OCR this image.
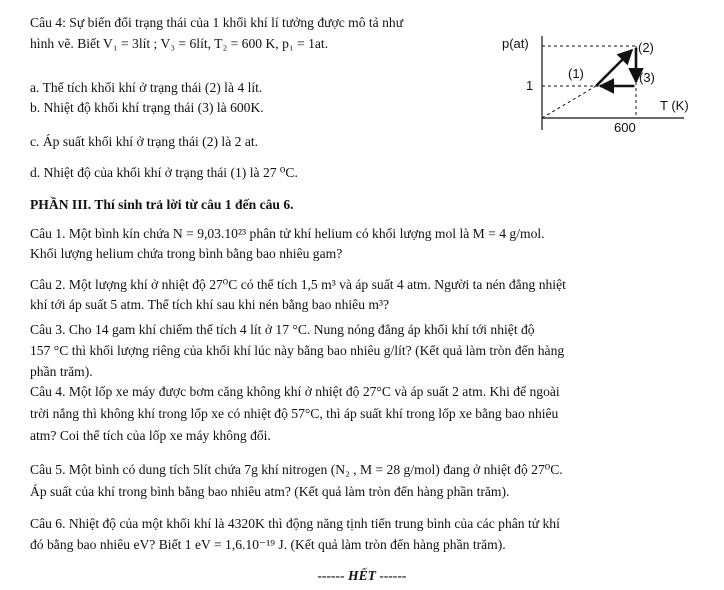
Câu 4: Sự biến đổi trạng thái của 1 khối khí lí tưởng được mô tả như
hình vẽ. Biết V₁ = 3lít ; V₃ = 6lít, T₂ = 600 K, p₁ = 1at.
a. Thể tích khối khí ở trạng thái (2) là 4 lít.
b. Nhiệt độ khối khí trạng thái (3) là 600K.
c. Áp suất khối khí ở trạng thái (2) là 2 at.
d. Nhiệt độ của khối khí ở trạng thái (1) là 27 ⁰C.
p(at)
1
T (K)
600
(1)
(2)
(3)
PHẦN III. Thí sinh trả lời từ câu 1 đến câu 6.
Câu 1. Một bình kín chứa N = 9,03.10²³ phân tử khí helium có khối lượng mol là M = 4 g/mol.
Khối lượng helium chứa trong bình bằng bao nhiêu gam?
Câu 2. Một lượng khí ở nhiệt độ 27⁰C có thể tích 1,5 m³ và áp suất 4 atm. Người ta nén đẳng nhiệt
khí tới áp suất 5 atm. Thể tích khí sau khi nén bằng bao nhiêu m³?
Câu 3. Cho 14 gam khí chiếm thể tích 4 lít ở 17 °C. Nung nóng đẳng áp khối khí tới nhiệt độ
157 °C thì khối lượng riêng của khối khí lúc này bằng bao nhiêu g/lít? (Kết quả làm tròn đến hàng
phần trăm).
Câu 4. Một lốp xe máy được bơm căng không khí ở nhiệt độ 27°C và áp suất 2 atm. Khi để ngoài
trời nắng thì không khí trong lốp xe có nhiệt độ 57°C, thì áp suất khí trong lốp xe bằng bao nhiêu
atm? Coi thể tích của lốp xe máy không đổi.
Câu 5. Một bình có dung tích 5lít chứa 7g khí nitrogen (N₂ , M = 28 g/mol) đang ở nhiệt độ 27⁰C.
Áp suất của khí trong bình bằng bao nhiêu atm? (Kết quả làm tròn đến hàng phần trăm).
Câu 6. Nhiệt độ của một khối khí là 4320K thì động năng tịnh tiến trung bình của các phân tử khí
đó bằng bao nhiêu eV? Biết 1 eV = 1,6.10⁻¹⁹ J. (Kết quả làm tròn đến hàng phần trăm).
------ HẾT ------
